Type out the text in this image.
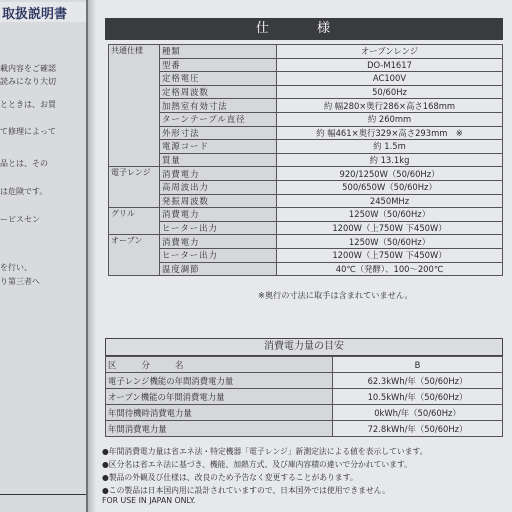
取扱説明書
載内容をご確認
読みになり大切
とときは、お買
て修理によって
品とは、その
は危険です。
ービスセン
を行い、
り第三者へ
仕 様
共通仕様	種類	オーブンレンジ
	型番	DO-M1617
	定格電圧	AC100V
	定格周波数	50/60Hz
	加熱室有効寸法	約 幅280×奥行286×高さ168mm
	ターンテーブル直径	約 260mm
	外形寸法	約 幅461×奥行329×高さ293mm　※
	電源コード	約 1.5m
	質量	約 13.1kg
電子レンジ	消費電力	920/1250W（50/60Hz）
	高周波出力	500/650W（50/60Hz）
	発振周波数	2450MHz
グリル	消費電力	1250W（50/60Hz）
	ヒーター出力	1200W（上750W 下450W）
オーブン	消費電力	1250W（50/60Hz）
	ヒーター出力	1200W（上750W 下450W）
	温度調節	40℃（発酵）、100～200℃
※奥行の寸法に取手は含まれていません。
消費電力量の目安
区　　　分　　　名	B
電子レンジ機能の年間消費電力量	62.3kWh/年（50/60Hz）
オーブン機能の年間消費電力量	10.5kWh/年（50/60Hz）
年間待機時消費電力量	0kWh/年（50/60Hz）
年間消費電力量	72.8kWh/年（50/60Hz）
●年間消費電力量は省エネ法・特定機器「電子レンジ」新測定法による値を表示しています。
●区分名は省エネ法に基づき、機能、加熱方式、及び庫内容積の違いで分かれています。
●製品の外観及び仕様は、改良のため予告なく変更することがあります。
●この製品は日本国内用に設計されていますので、日本国外では使用できません。
FOR USE IN JAPAN ONLY.
